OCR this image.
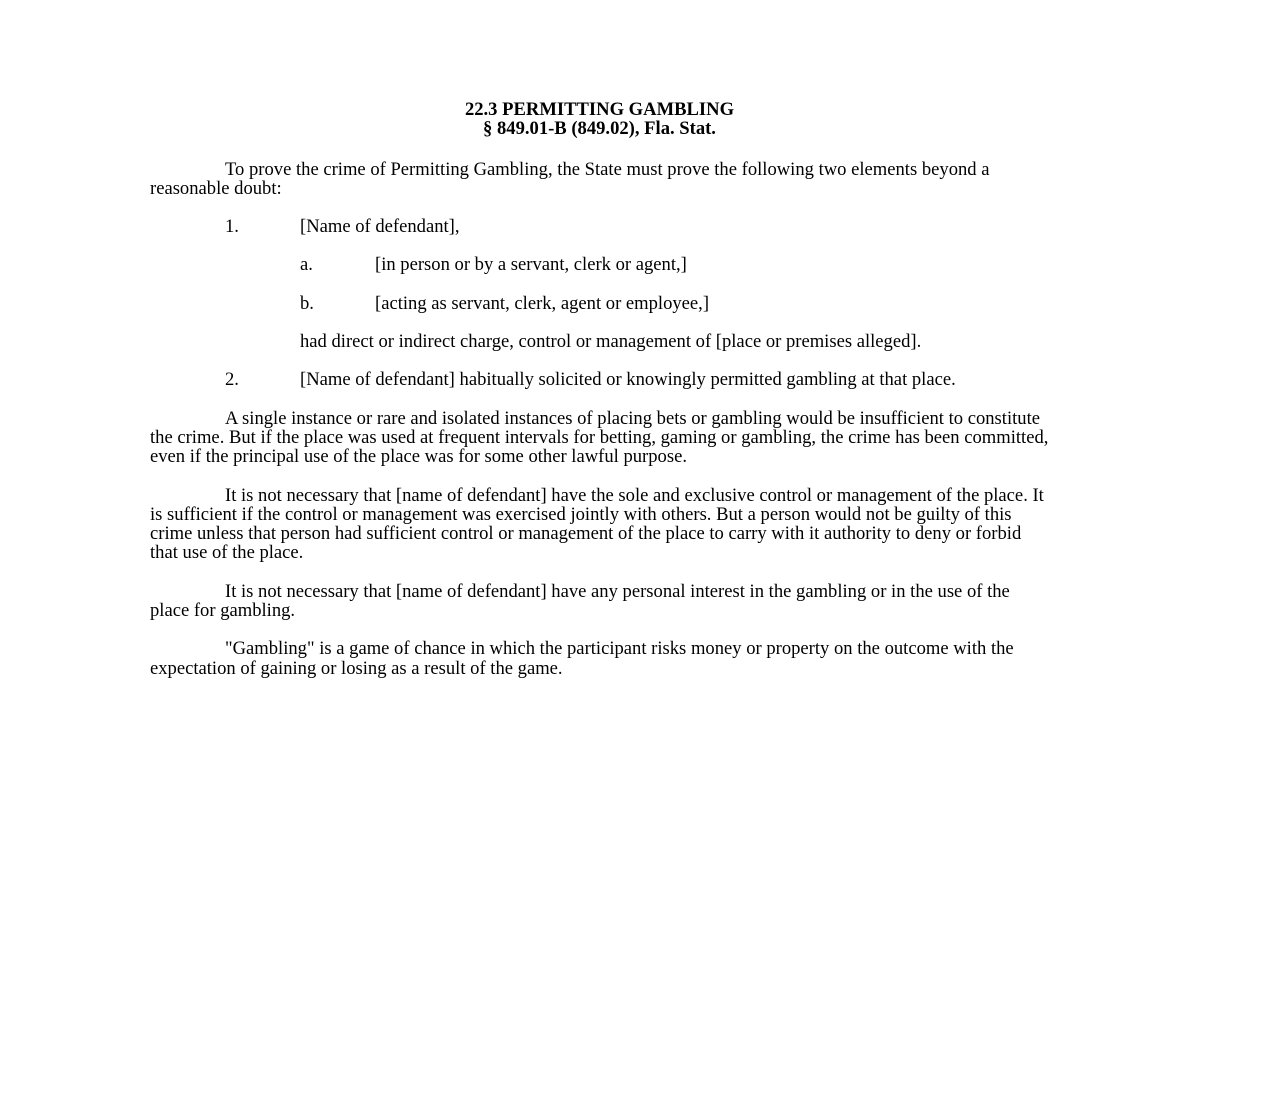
22.3 PERMITTING GAMBLING
§ 849.01-B (849.02), Fla. Stat.

To prove the crime of Permitting Gambling, the State must prove the following two elements beyond a reasonable doubt:

1.	[Name of defendant],
a.	[in person or by a servant, clerk or agent,]
b.	[acting as servant, clerk, agent or employee,]
had direct or indirect charge, control or management of [place or premises alleged].
2.	[Name of defendant] habitually solicited or knowingly permitted gambling at that place.

A single instance or rare and isolated instances of placing bets or gambling would be insufficient to constitute the crime. But if the place was used at frequent intervals for betting, gaming or gambling, the crime has been committed, even if the principal use of the place was for some other lawful purpose.

It is not necessary that [name of defendant] have the sole and exclusive control or management of the place. It is sufficient if the control or management was exercised jointly with others. But a person would not be guilty of this crime unless that person had sufficient control or management of the place to carry with it authority to deny or forbid that use of the place.

It is not necessary that [name of defendant] have any personal interest in the gambling or in the use of the place for gambling.

"Gambling" is a game of chance in which the participant risks money or property on the outcome with the expectation of gaining or losing as a result of the game.
